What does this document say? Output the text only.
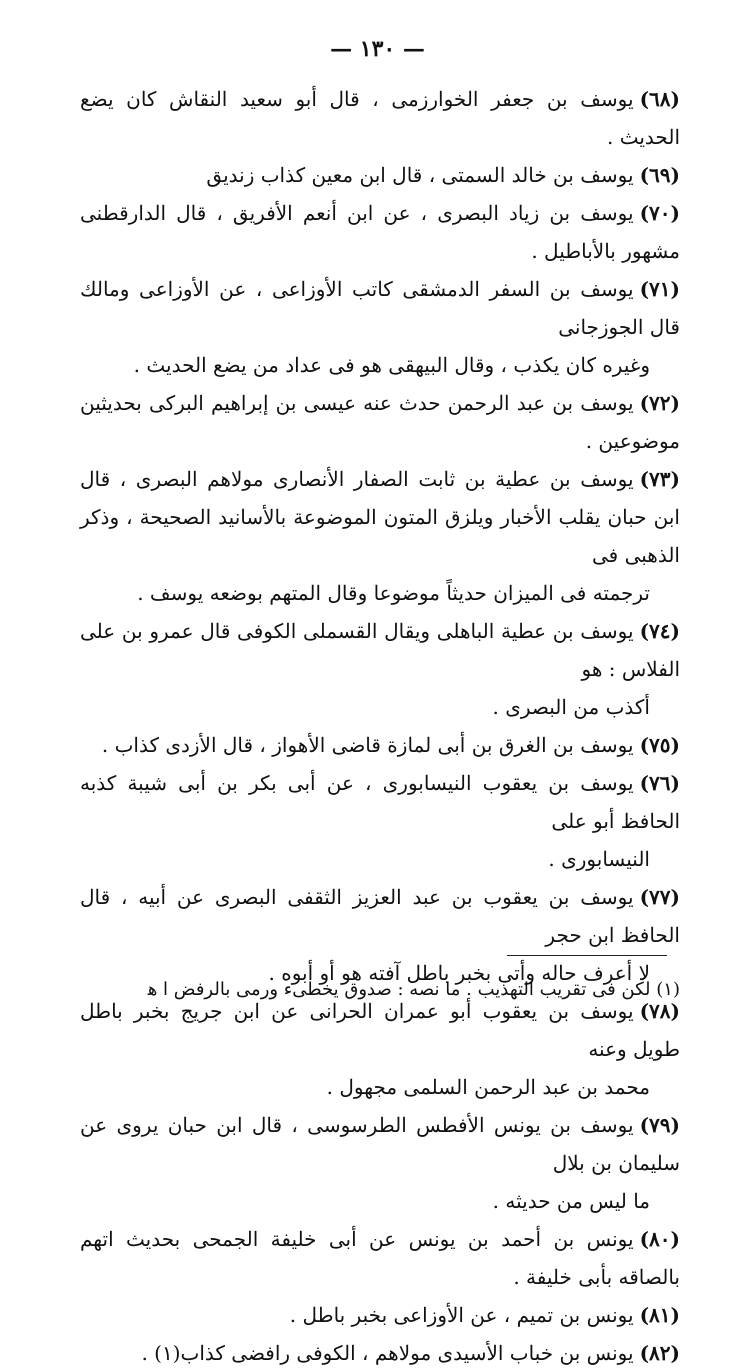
— ١٣٠ —
(٦٨)يوسف بن جعفر الخوارزمى ، قال أبو سعيد النقاش كان يضع الحديث .
(٦٩)يوسف بن خالد السمتى ، قال ابن معين كذاب زنديق
(٧٠)يوسف بن زياد البصرى ، عن ابن أنعم الأفريق ، قال الدارقطنى مشهور بالأباطيل .
(٧١)يوسف بن السفر الدمشقى كاتب الأوزاعى ، عن الأوزاعى ومالك قال الجوزجانى
وغيره كان يكذب ، وقال البيهقى هو فى عداد من يضع الحديث .
(٧٢)يوسف بن عبد الرحمن حدث عنه عيسى بن إبراهيم البركى بحديثين موضوعين .
(٧٣)يوسف بن عطية بن ثابت الصفار الأنصارى مولاهم البصرى ، قال ابن حبان يقلب الأخبار ويلزق المتون الموضوعة بالأسانيد الصحيحة ، وذكر الذهبى فى
ترجمته فى الميزان حديثاً موضوعا وقال المتهم بوضعه يوسف .
(٧٤)يوسف بن عطية الباهلى ويقال القسملى الكوفى قال عمرو بن على الفلاس : هو
أكذب من البصرى .
(٧٥)يوسف بن الغرق بن أبى لمازة قاضى الأهواز ، قال الأزدى كذاب .
(٧٦)يوسف بن يعقوب النيسابورى ، عن أبى بكر بن أبى شيبة كذبه الحافظ أبو على
النيسابورى .
(٧٧)يوسف بن يعقوب بن عبد العزيز الثقفى البصرى عن أبيه ، قال الحافظ ابن حجر
لا أعرف حاله وأتى بخبر باطل آفته هو أو أبوه .
(٧٨)يوسف بن يعقوب أبو عمران الحرانى عن ابن جريج بخبر باطل طويل وعنه
محمد بن عبد الرحمن السلمى مجهول .
(٧٩)يوسف بن يونس الأفطس الطرسوسى ، قال ابن حبان يروى عن سليمان بن بلال
ما ليس من حديثه .
(٨٠)يونس بن أحمد بن يونس عن أبى خليفة الجمحى بحديث اتهم بالصاقه بأبى خليفة .
(٨١)يونس بن تميم ، عن الأوزاعى بخبر باطل .
(٨٢)يونس بن خباب الأسيدى مولاهم ، الكوفى رافضى كذاب(١) .
(١) لكن فى تقريب التهذيب . ما نصه : صدوق يخطىء ورمى بالرفض ا ﻫ
